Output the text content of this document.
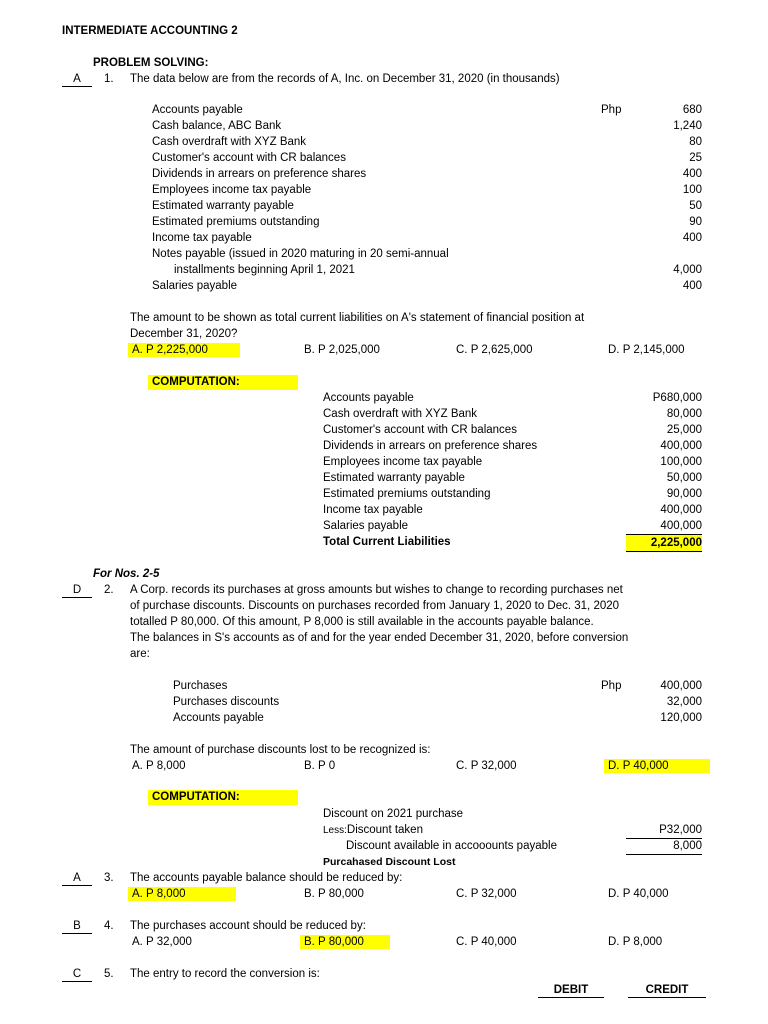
INTERMEDIATE ACCOUNTING 2
PROBLEM SOLVING:
A	1. The data below are from the records of A, Inc. on December 31, 2020 (in thousands)
Php
Accounts payable	680
Cash balance, ABC Bank	1,240
Cash overdraft with XYZ Bank	80
Customer's account with CR balances	25
Dividends in arrears on preference shares	400
Employees income tax payable	100
Estimated warranty payable	50
Estimated premiums outstanding	90
Income tax payable	400
Notes payable (issued in 2020 maturing in 20 semi-annual
installments beginning April 1, 2021	4,000
Salaries payable	400
The amount to be shown as total current liabilities on A's statement of financial position at
December 31, 2020?
A. P 2,225,000	B. P 2,025,000	C. P 2,625,000	D. P 2,145,000
COMPUTATION:
Accounts payable	P680,000
Cash overdraft with XYZ Bank	80,000
Customer's account with CR balances	25,000
Dividends in arrears on preference shares	400,000
Employees income tax payable	100,000
Estimated warranty payable	50,000
Estimated premiums outstanding	90,000
Income tax payable	400,000
Salaries payable	400,000
Total Current Liabilities	2,225,000
For Nos. 2-5
D	2. A Corp. records its purchases at gross amounts but wishes to change to recording purchases net
of purchase discounts. Discounts on purchases recorded from January 1, 2020 to Dec. 31, 2020
totalled P 80,000. Of this amount, P 8,000 is still available in the accounts payable balance.
The balances in S's accounts as of and for the year ended December 31, 2020, before conversion
are:
Php
Purchases	400,000
Purchases discounts	32,000
Accounts payable	120,000
The amount of purchase discounts lost to be recognized is:
A. P 8,000	B. P 0	C. P 32,000	D. P 40,000
COMPUTATION:
Discount on 2021 purchase
Less:Discount taken	P32,000
Discount available in accooounts payable	8,000
Purcahased Discount Lost
A	3. The accounts payable balance should be reduced by:
A. P 8,000	B. P 80,000	C. P 32,000	D. P 40,000
B	4. The purchases account should be reduced by:
A. P 32,000	B. P 80,000	C. P 40,000	D. P 8,000
C	5. The entry to record the conversion is:
DEBIT	CREDIT
